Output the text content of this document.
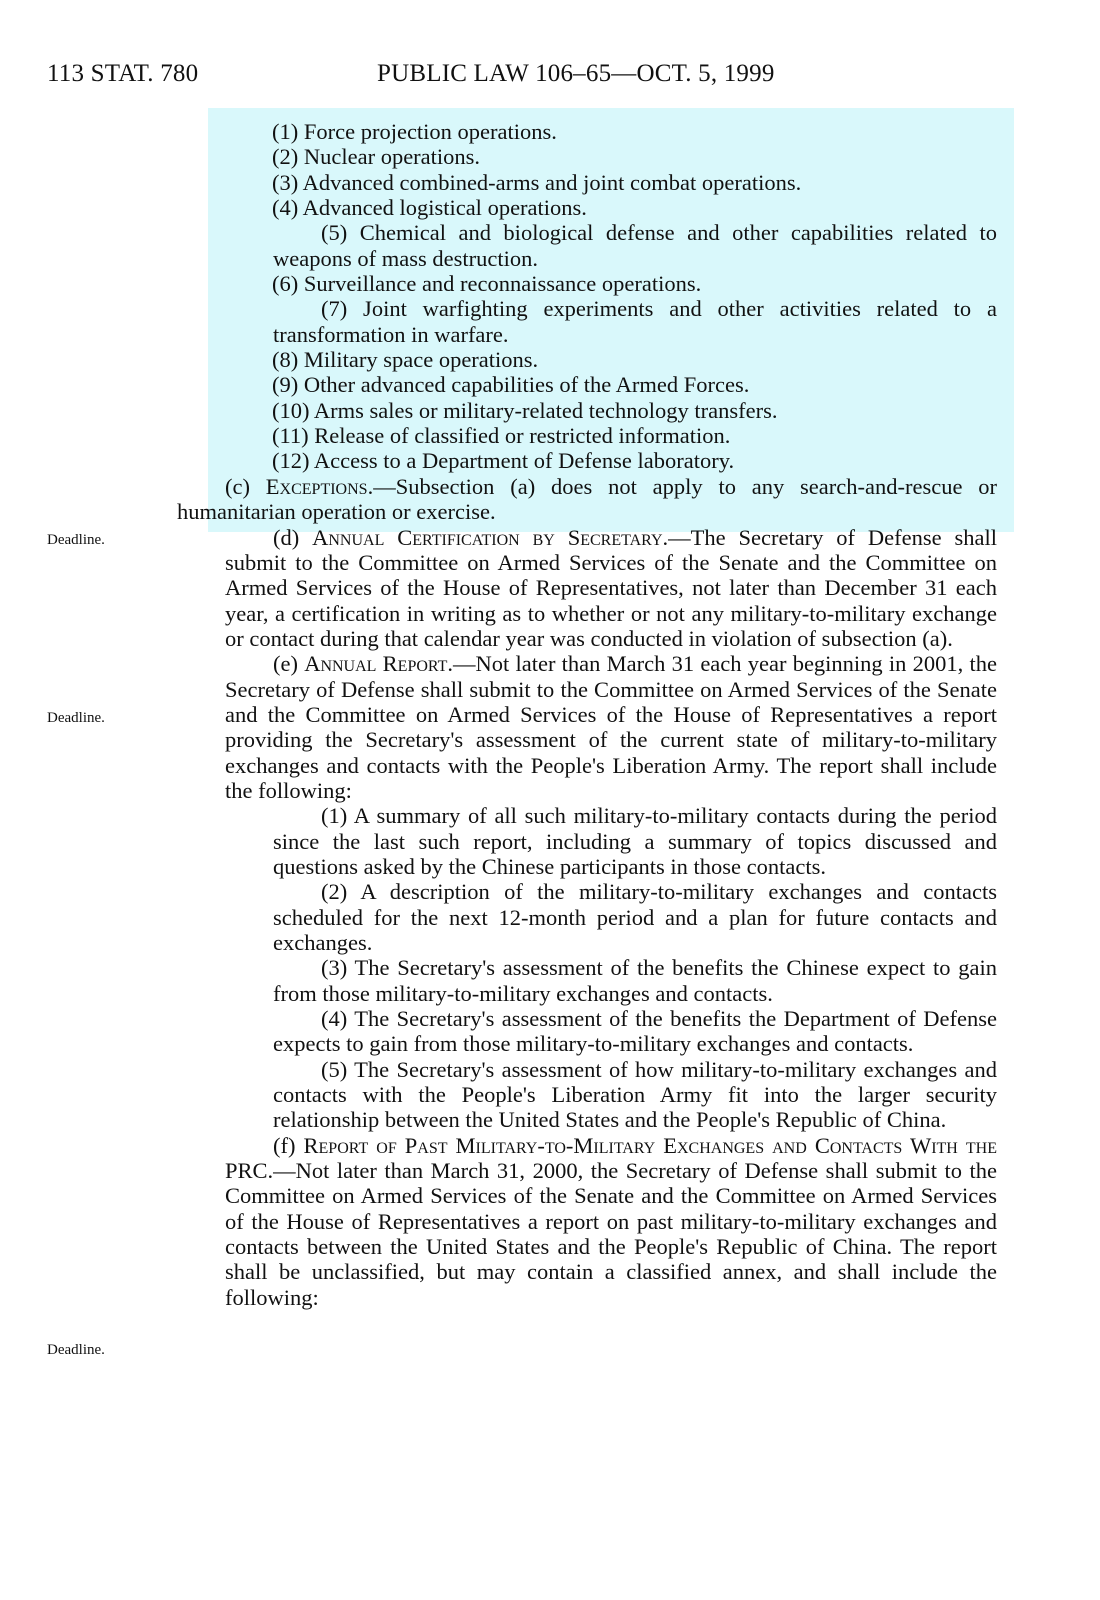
113 STAT. 780	PUBLIC LAW 106–65—OCT. 5, 1999
Deadline.
Deadline.
Deadline.

(1) Force projection operations.

(2) Nuclear operations.

(3) Advanced combined-arms and joint combat operations.

(4) Advanced logistical operations.

(5) Chemical and biological defense and other capabilities related to weapons of mass destruction.

(6) Surveillance and reconnaissance operations.

(7) Joint warfighting experiments and other activities related to a transformation in warfare.

(8) Military space operations.

(9) Other advanced capabilities of the Armed Forces.

(10) Arms sales or military-related technology transfers.

(11) Release of classified or restricted information.

(12) Access to a Department of Defense laboratory.

(c) Exceptions.—Subsection (a) does not apply to any search-and-rescue or humanitarian operation or exercise.

(d) Annual Certification by Secretary.—The Secretary of Defense shall submit to the Committee on Armed Services of the Senate and the Committee on Armed Services of the House of Representatives, not later than December 31 each year, a certification in writing as to whether or not any military-to-military exchange or contact during that calendar year was conducted in violation of subsection (a).

(e) Annual Report.—Not later than March 31 each year beginning in 2001, the Secretary of Defense shall submit to the Committee on Armed Services of the Senate and the Committee on Armed Services of the House of Representatives a report providing the Secretary's assessment of the current state of military-to-military exchanges and contacts with the People's Liberation Army. The report shall include the following:

(1) A summary of all such military-to-military contacts during the period since the last such report, including a summary of topics discussed and questions asked by the Chinese participants in those contacts.

(2) A description of the military-to-military exchanges and contacts scheduled for the next 12-month period and a plan for future contacts and exchanges.

(3) The Secretary's assessment of the benefits the Chinese expect to gain from those military-to-military exchanges and contacts.

(4) The Secretary's assessment of the benefits the Department of Defense expects to gain from those military-to-military exchanges and contacts.

(5) The Secretary's assessment of how military-to-military exchanges and contacts with the People's Liberation Army fit into the larger security relationship between the United States and the People's Republic of China.

(f) Report of Past Military-to-Military Exchanges and Contacts With the PRC.—Not later than March 31, 2000, the Secretary of Defense shall submit to the Committee on Armed Services of the Senate and the Committee on Armed Services of the House of Representatives a report on past military-to-military exchanges and contacts between the United States and the People's Republic of China. The report shall be unclassified, but may contain a classified annex, and shall include the following:
